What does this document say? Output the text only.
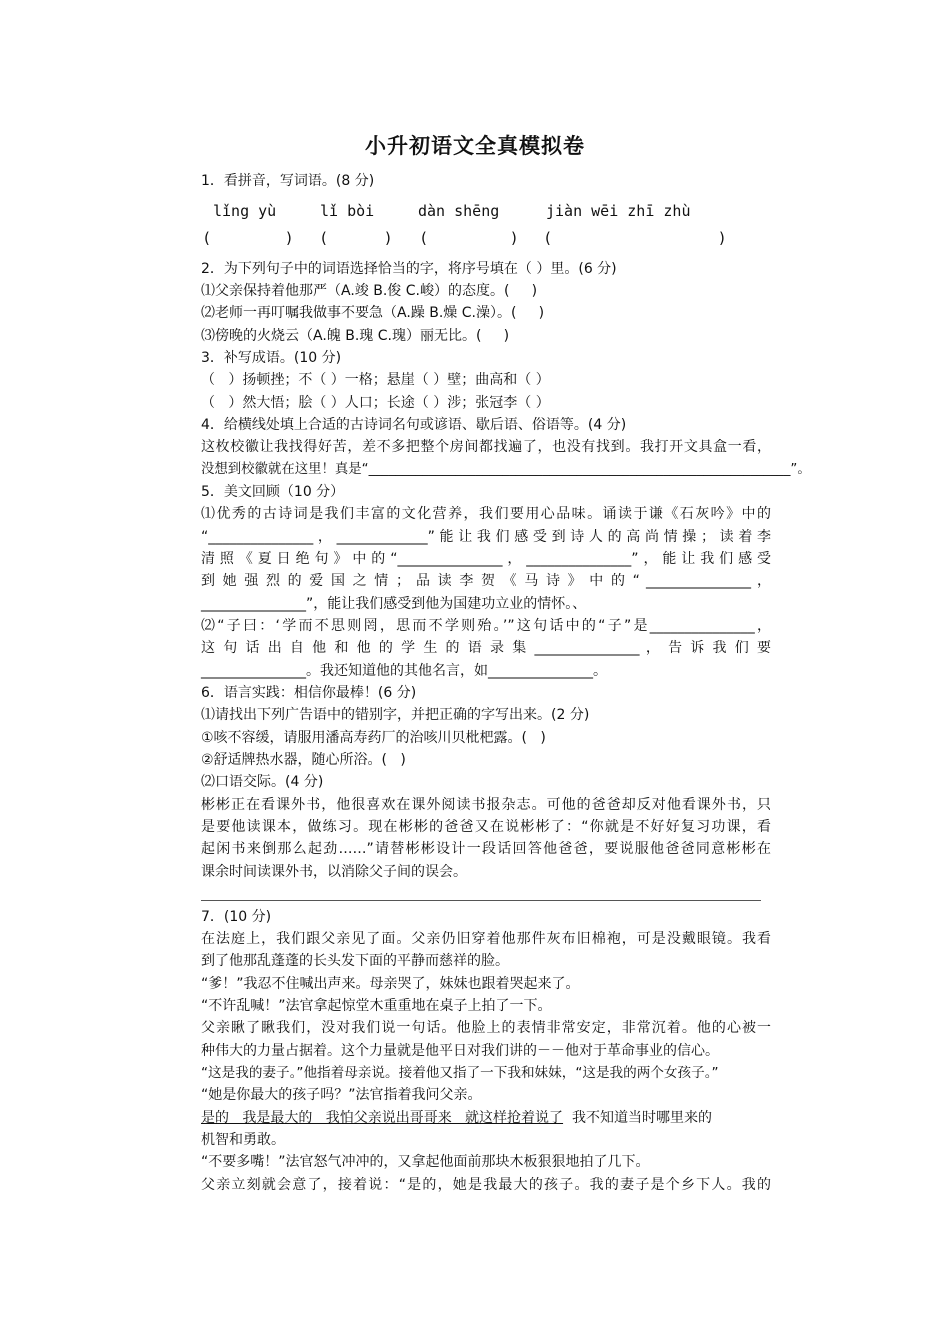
小升初语文全真模拟卷
1．看拼音，写词语。(8 分)
lǐng yù	lǐ bòi	dàn shēng	jiàn wēi zhī zhù
(	) (	) (	) (	)
2．为下列句子中的词语选择恰当的字，将序号填在（ ）里。(6 分)
⑴父亲保持着他那严（A.竣 B.俊 C.峻）的态度。(     )
⑵老师一再叮嘱我做事不要急（A.躁 B.燥 C.澡）。(     )
⑶傍晚的火烧云（A.魄 B.瑰 C.瑰）丽无比。(     )
3．补写成语。(10 分)
（   ）扬顿挫；不（ ）一格；悬崖（ ）壁；曲高和（ ）
（   ）然大悟；脍（ ）人口；长途（ ）涉；张冠李（ ）
4．给横线处填上合适的古诗词名句或谚语、歇后语、俗语等。(4 分)
这枚校徽让我找得好苦，差不多把整个房间都找遍了，也没有找到。我打开文具盒一看，
没想到校徽就在这里！真是“_______________________________________________________________”。
5．美文回顾（10 分）
⑴优秀的古诗词是我们丰富的文化营养，我们要用心品味。诵读于谦《石灰吟》中的
“_______________，_____________”能让我们感受到诗人的高尚情操；读着李
清照《夏日绝句》中的“_______________，_______________”，能让我们感受
到 她 强 烈 的 爱 国 之 情 ； 品 读 李 贺 《 马 诗 》 中 的 “ _______________ ，
_______________”，能让我们感受到他为国建功立业的情怀。、
⑵“子曰：‘学而不思则罔，思而不学则殆。’”这句话中的“子”是_______________，
这 句 话 出 自 他 和 他 的 学 生 的 语 录 集 _______________ ， 告 诉 我 们 要
_______________。我还知道他的其他名言，如_______________。
6．语言实践：相信你最棒！(6 分)
⑴请找出下列广告语中的错别字，并把正确的字写出来。(2 分)
①咳不容缓，请服用潘高寿药厂的治咳川贝枇杷露。(   )
②舒适牌热水器，随心所浴。(   )
⑵口语交际。(4 分)
彬彬正在看课外书，他很喜欢在课外阅读书报杂志。可他的爸爸却反对他看课外书，只
是要他读课本，做练习。现在彬彬的爸爸又在说彬彬了：“你就是不好好复习功课，看
起闲书来倒那么起劲……”请替彬彬设计一段话回答他爸爸，要说服他爸爸同意彬彬在
课余时间读课外书，以消除父子间的误会。
7．(10 分)
在法庭上，我们跟父亲见了面。父亲仍旧穿着他那件灰布旧棉袍，可是没戴眼镜。我看
到了他那乱蓬蓬的长头发下面的平静而慈祥的脸。
“爹！”我忍不住喊出声来。母亲哭了，妹妹也跟着哭起来了。
“不许乱喊！”法官拿起惊堂木重重地在桌子上拍了一下。
父亲瞅了瞅我们，没对我们说一句话。他脸上的表情非常安定，非常沉着。他的心被一
种伟大的力量占据着。这个力量就是他平日对我们讲的－－他对于革命事业的信心。
“这是我的妻子。”他指着母亲说。接着他又指了一下我和妹妹，“这是我的两个女孩子。”
“她是你最大的孩子吗？”法官指着我问父亲。
是的   我是最大的   我怕父亲说出哥哥来   就这样抢着说了  我不知道当时哪里来的
机智和勇敢。
“不要多嘴！”法官怒气冲冲的，又拿起他面前那块木板狠狠地拍了几下。
父亲立刻就会意了，接着说：“是的，她是我最大的孩子。我的妻子是个乡下人。我的
